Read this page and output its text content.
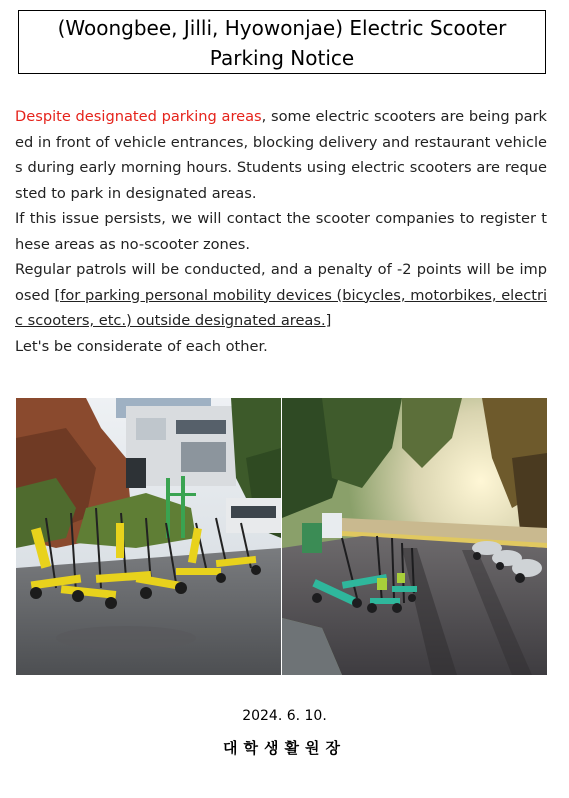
(Woongbee, Jilli, Hyowonjae) Electric Scooter
Parking Notice

Despite designated parking areas, some electric scooters are being parked in front of vehicle entrances, blocking delivery and restaurant vehicles during early morning hours. Students using electric scooters are requested to park in designated areas.

If this issue persists, we will contact the scooter companies to register these areas as no-scooter zones.

Regular patrols will be conducted, and a penalty of -2 points will be imposed [for parking personal mobility devices (bicycles, motorbikes, electric scooters, etc.) outside designated areas.]

Let's be considerate of each other.

2024. 6. 10.
대학생활원장
